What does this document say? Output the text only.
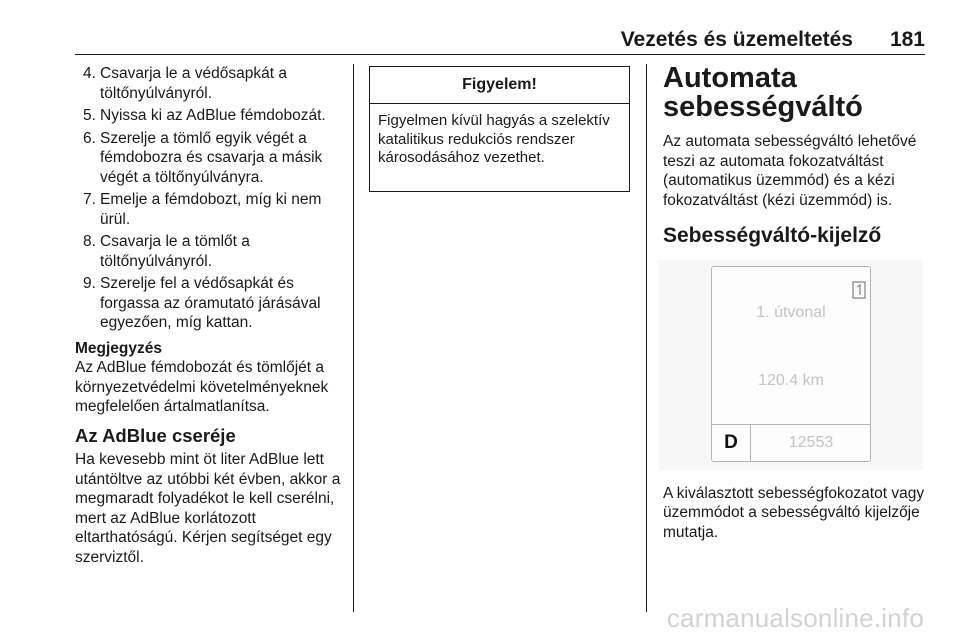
Vezetés és üzemeltetés 181
4. Csavarja le a védősapkát a töltőnyúlványról.
5. Nyissa ki az AdBlue fémdobozát.
6. Szerelje a tömlő egyik végét a fémdobozra és csavarja a másik végét a töltőnyúlványra.
7. Emelje a fémdobozt, míg ki nem ürül.
8. Csavarja le a tömlőt a töltőnyúlványról.
9. Szerelje fel a védősapkát és forgassa az óramutató járásával egyezően, míg kattan.
Megjegyzés
Az AdBlue fémdobozát és tömlőjét a környezetvédelmi követelményeknek megfelelően ártalmatlanítsa.
Az AdBlue cseréje
Ha kevesebb mint öt liter AdBlue lett utántöltve az utóbbi két évben, akkor a megmaradt folyadékot le kell cserélni, mert az AdBlue korlátozott eltarthatóságú. Kérjen segítséget egy szerviztől.
Figyelem!
Figyelmen kívül hagyás a szelektív katalitikus redukciós rendszer károsodásához vezethet.
Automata sebességváltó
Az automata sebességváltó lehetővé teszi az automata fokozatváltást (automatikus üzemmód) és a kézi fokozatváltást (kézi üzemmód) is.
Sebességváltó-kijelző
1. útvonal
120.4 km
D	12553
A kiválasztott sebességfokozatot vagy üzemmódot a sebességváltó kijelzője mutatja.
carmanualsonline.info
